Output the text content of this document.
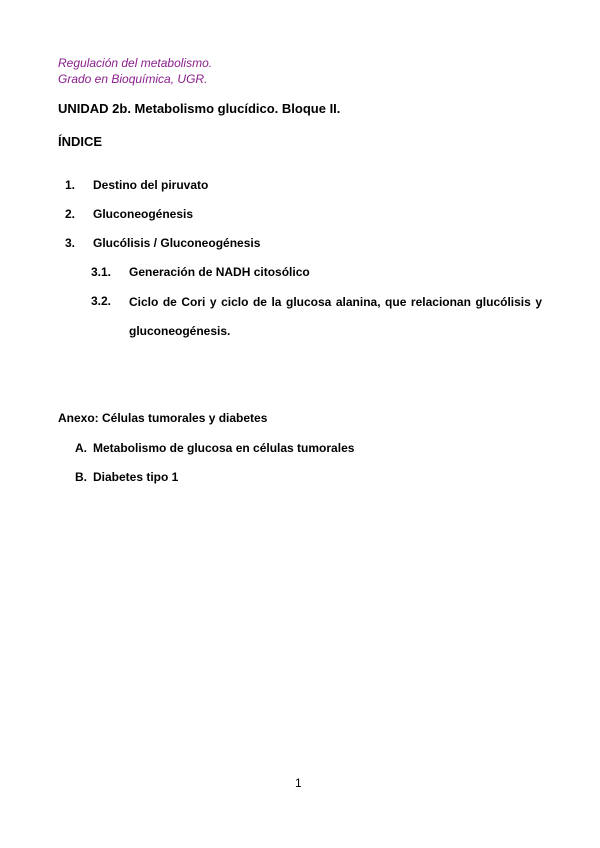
Regulación del metabolismo.
Grado en Bioquímica, UGR.
UNIDAD 2b. Metabolismo glucídico. Bloque II.
ÍNDICE
1. Destino del piruvato
2. Gluconeogénesis
3. Glucólisis / Gluconeogénesis
3.1. Generación de NADH citosólico
3.2. Ciclo de Cori y ciclo de la glucosa alanina, que relacionan glucólisis y gluconeogénesis.
Anexo: Células tumorales y diabetes
A. Metabolismo de glucosa en células tumorales
B. Diabetes tipo 1
1
